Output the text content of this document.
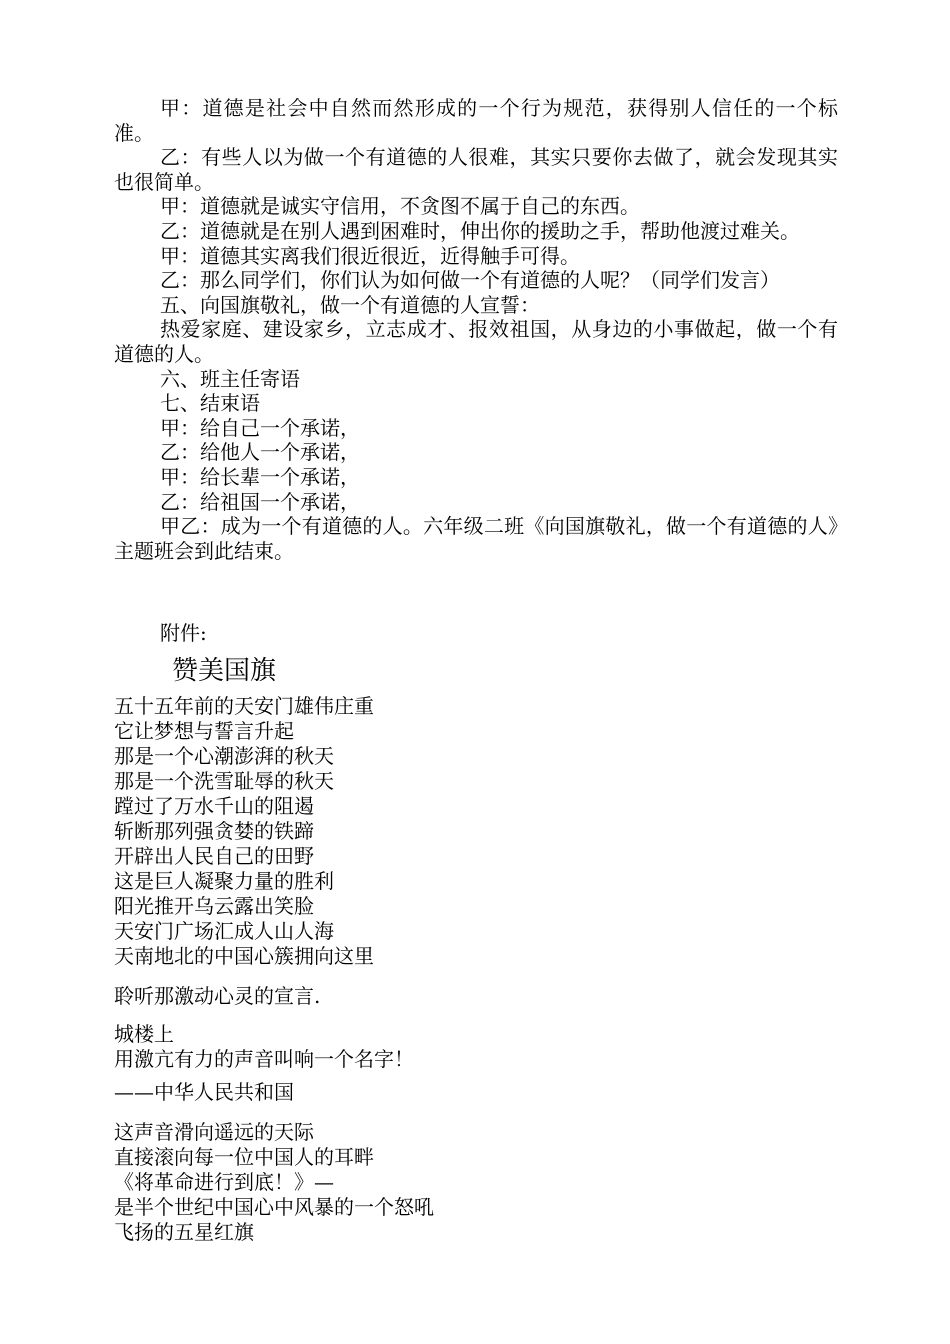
甲：道德是社会中自然而然形成的一个行为规范，获得别人信任的一个标准。

乙：有些人以为做一个有道德的人很难，其实只要你去做了，就会发现其实也很简单。

甲：道德就是诚实守信用，不贪图不属于自己的东西。

乙：道德就是在别人遇到困难时，伸出你的援助之手，帮助他渡过难关。

甲：道德其实离我们很近很近，近得触手可得。

乙：那么同学们，你们认为如何做一个有道德的人呢？（同学们发言）

五、向国旗敬礼，做一个有道德的人宣誓：

热爱家庭、建设家乡，立志成才、报效祖国，从身边的小事做起，做一个有道德的人。

六、班主任寄语

七、结束语

甲：给自己一个承诺，

乙：给他人一个承诺，

甲：给长辈一个承诺，

乙：给祖国一个承诺，

甲乙：成为一个有道德的人。六年级二班《向国旗敬礼，做一个有道德的人》主题班会到此结束。

附件:
赞美国旗
五十五年前的天安门雄伟庄重
它让梦想与誓言升起
那是一个心潮澎湃的秋天
那是一个洗雪耻辱的秋天
蹚过了万水千山的阻遏
斩断那列强贪婪的铁蹄
开辟出人民自己的田野
这是巨人凝聚力量的胜利
阳光推开乌云露出笑脸
天安门广场汇成人山人海
天南地北的中国心簇拥向这里
聆听那激动心灵的宣言.
城楼上
用激亢有力的声音叫响一个名字！
——中华人民共和国
这声音滑向遥远的天际
直接滚向每一位中国人的耳畔
《将革命进行到底！》—
是半个世纪中国心中风暴的一个怒吼
飞扬的五星红旗
